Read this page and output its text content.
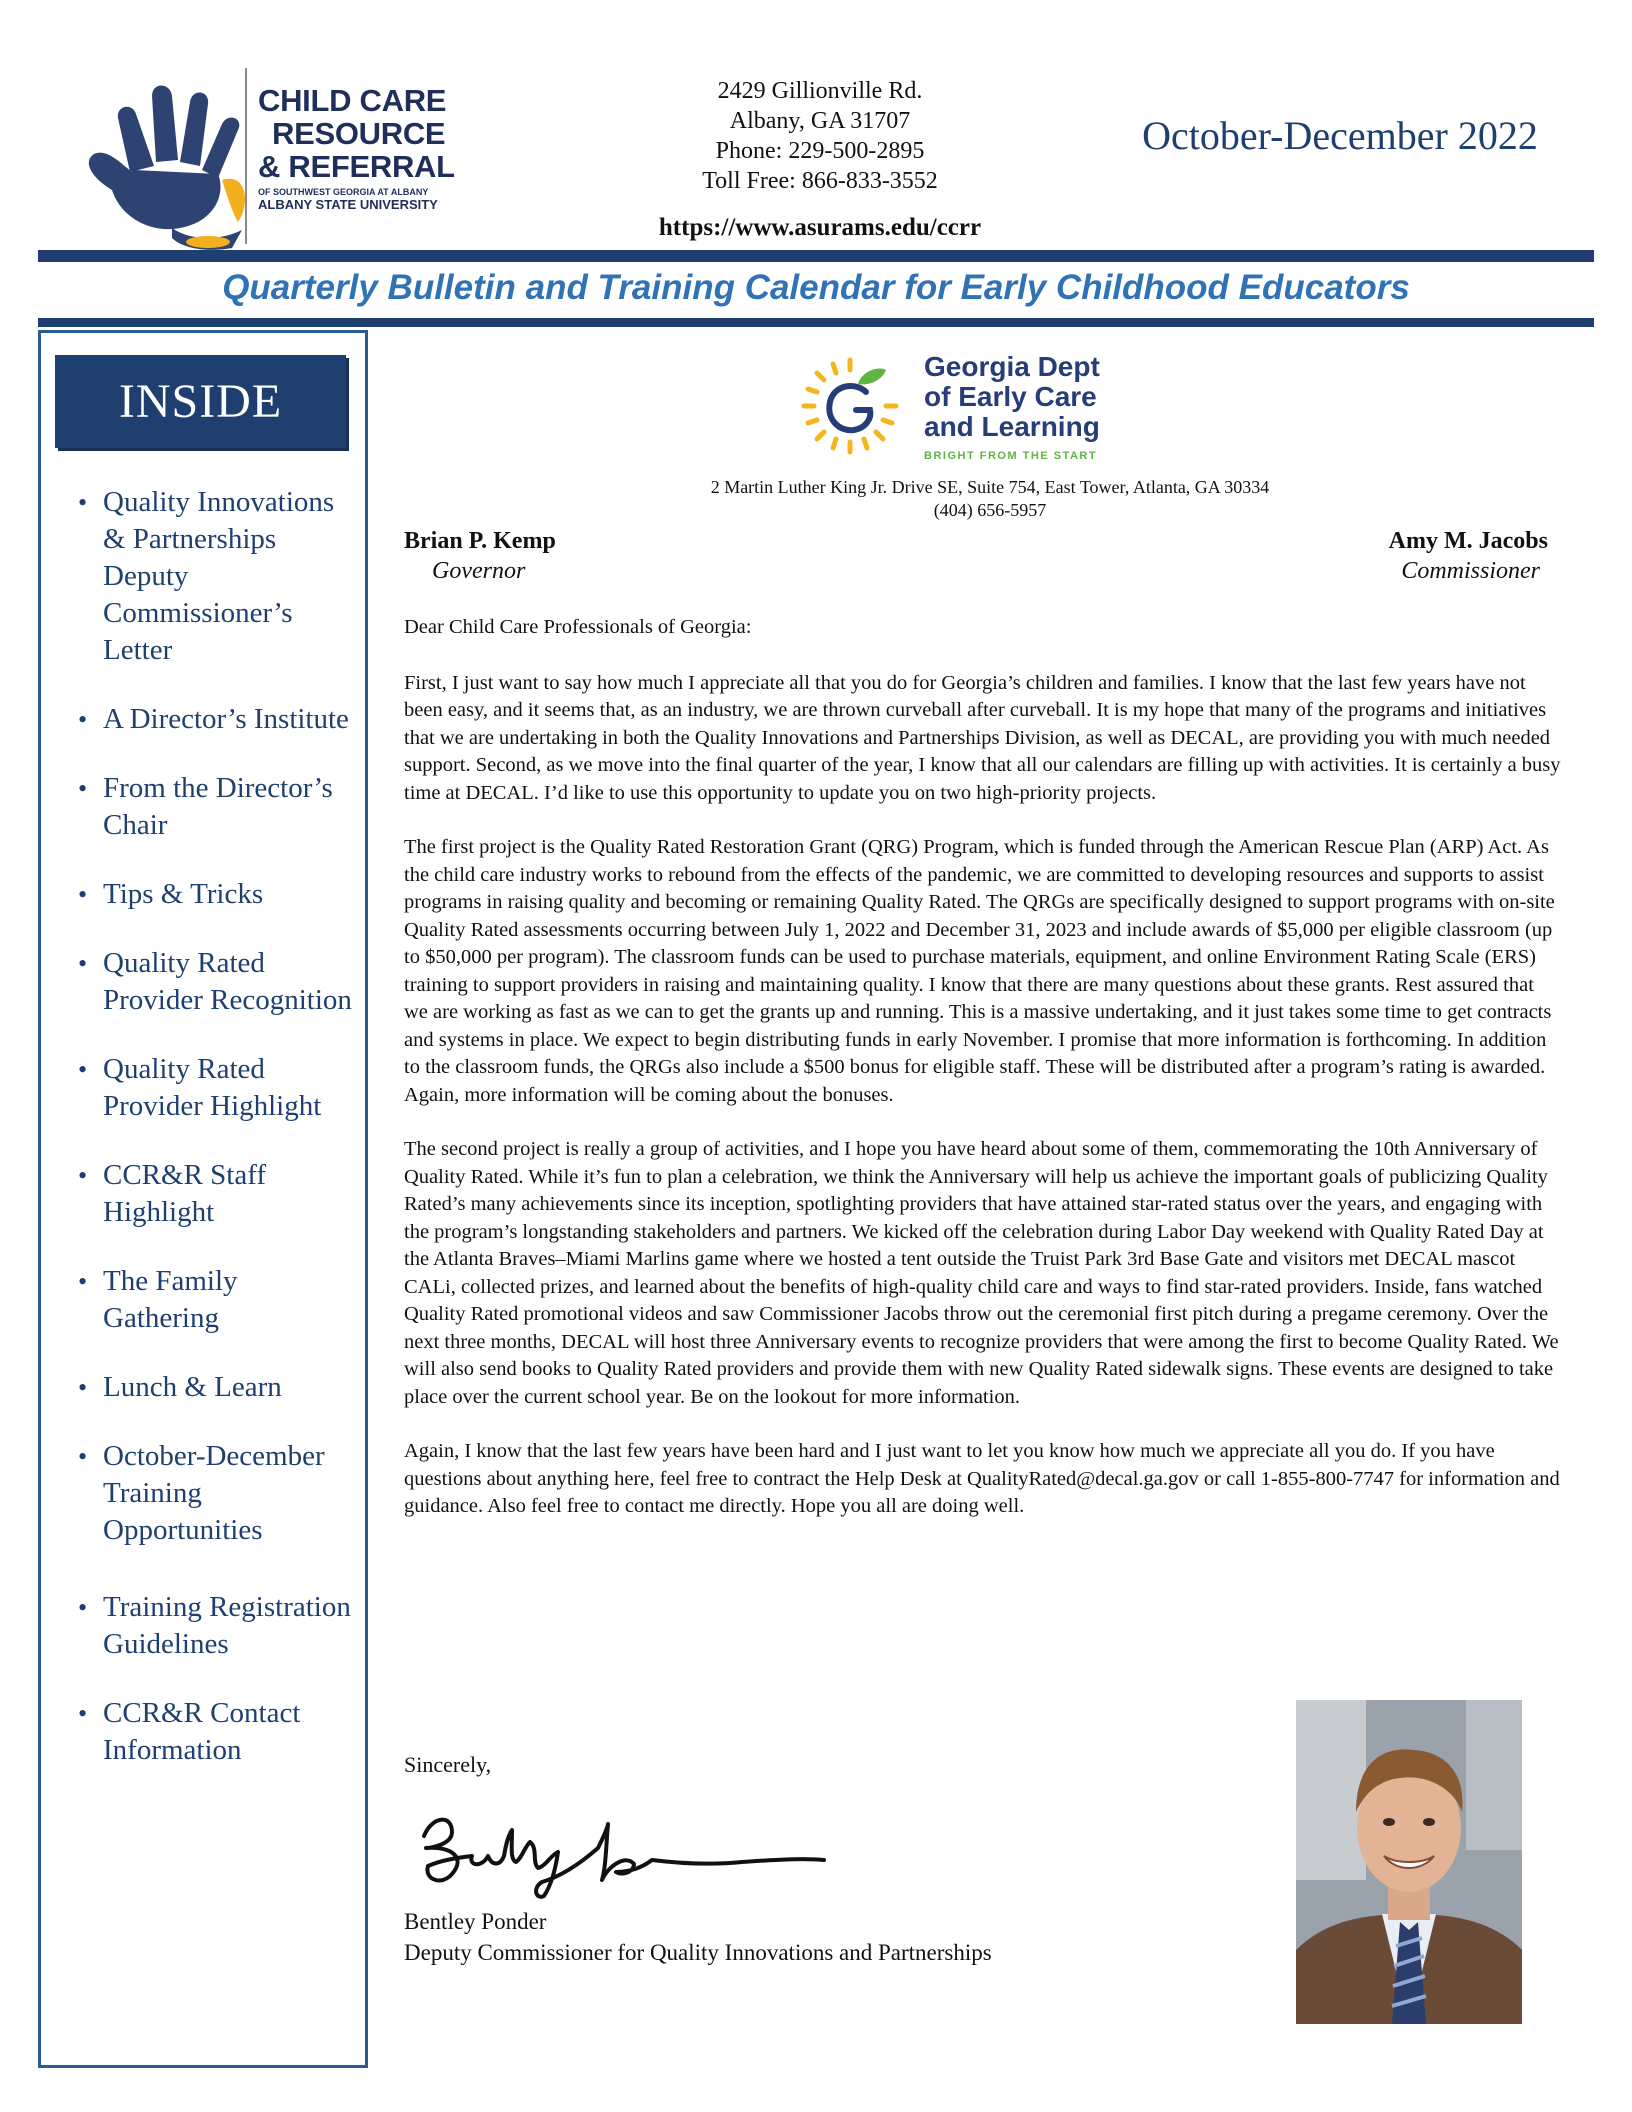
CHILD CARE
RESOURCE
& REFERRAL
OF SOUTHWEST GEORGIA AT ALBANY
ALBANY STATE UNIVERSITY
2429 Gillionville Rd.
Albany, GA 31707
Phone: 229-500-2895
Toll Free: 866-833-3552
https://www.asurams.edu/ccrr
October-December 2022
Quarterly Bulletin and Training Calendar for Early Childhood Educators
INSIDE
• Quality Innovations & Partnerships Deputy Commissioner’s Letter
• A Director’s Institute
• From the Director’s Chair
• Tips & Tricks
• Quality Rated Provider Recognition
• Quality Rated Provider Highlight
• CCR&R Staff Highlight
• The Family Gathering
• Lunch & Learn
• October-December Training Opportunities
• Training Registration Guidelines
• CCR&R Contact Information
Georgia Dept
of Early Care
and Learning
BRIGHT FROM THE START
2 Martin Luther King Jr. Drive SE, Suite 754, East Tower, Atlanta, GA 30334
(404) 656-5957
Brian P. Kemp
Governor
Amy M. Jacobs
Commissioner

Dear Child Care Professionals of Georgia:

First, I just want to say how much I appreciate all that you do for Georgia’s children and families. I know that the last few years have not been easy, and it seems that, as an industry, we are thrown curveball after curveball. It is my hope that many of the programs and initiatives that we are undertaking in both the Quality Innovations and Partnerships Division, as well as DECAL, are providing you with much needed support. Second, as we move into the final quarter of the year, I know that all our calendars are filling up with activities. It is certainly a busy time at DECAL. I’d like to use this opportunity to update you on two high-priority projects.

The first project is the Quality Rated Restoration Grant (QRG) Program, which is funded through the American Rescue Plan (ARP) Act. As the child care industry works to rebound from the effects of the pandemic, we are committed to developing resources and supports to assist programs in raising quality and becoming or remaining Quality Rated. The QRGs are specifically designed to support programs with on-site Quality Rated assessments occurring between July 1, 2022 and December 31, 2023 and include awards of $5,000 per eligible classroom (up to $50,000 per program). The classroom funds can be used to purchase materials, equipment, and online Environment Rating Scale (ERS) training to support providers in raising and maintaining quality. I know that there are many questions about these grants. Rest assured that we are working as fast as we can to get the grants up and running. This is a massive undertaking, and it just takes some time to get contracts and systems in place. We expect to begin distributing funds in early November. I promise that more information is forthcoming. In addition to the classroom funds, the QRGs also include a $500 bonus for eligible staff. These will be distributed after a program’s rating is awarded. Again, more information will be coming about the bonuses.

The second project is really a group of activities, and I hope you have heard about some of them, commemorating the 10th Anniversary of Quality Rated. While it’s fun to plan a celebration, we think the Anniversary will help us achieve the important goals of publicizing Quality Rated’s many achievements since its inception, spotlighting providers that have attained star-rated status over the years, and engaging with the program’s longstanding stakeholders and partners. We kicked off the celebration during Labor Day weekend with Quality Rated Day at the Atlanta Braves–Miami Marlins game where we hosted a tent outside the Truist Park 3rd Base Gate and visitors met DECAL mascot CALi, collected prizes, and learned about the benefits of high-quality child care and ways to find star-rated providers. Inside, fans watched Quality Rated promotional videos and saw Commissioner Jacobs throw out the ceremonial first pitch during a pregame ceremony. Over the next three months, DECAL will host three Anniversary events to recognize providers that were among the first to become Quality Rated. We will also send books to Quality Rated providers and provide them with new Quality Rated sidewalk signs. These events are designed to take place over the current school year. Be on the lookout for more information.

Again, I know that the last few years have been hard and I just want to let you know how much we appreciate all you do. If you have questions about anything here, feel free to contract the Help Desk at QualityRated@decal.ga.gov or call 1-855-800-7747 for information and guidance. Also feel free to contact me directly. Hope you all are doing well.

Sincerely,
Bentley Ponder
Deputy Commissioner for Quality Innovations and Partnerships
